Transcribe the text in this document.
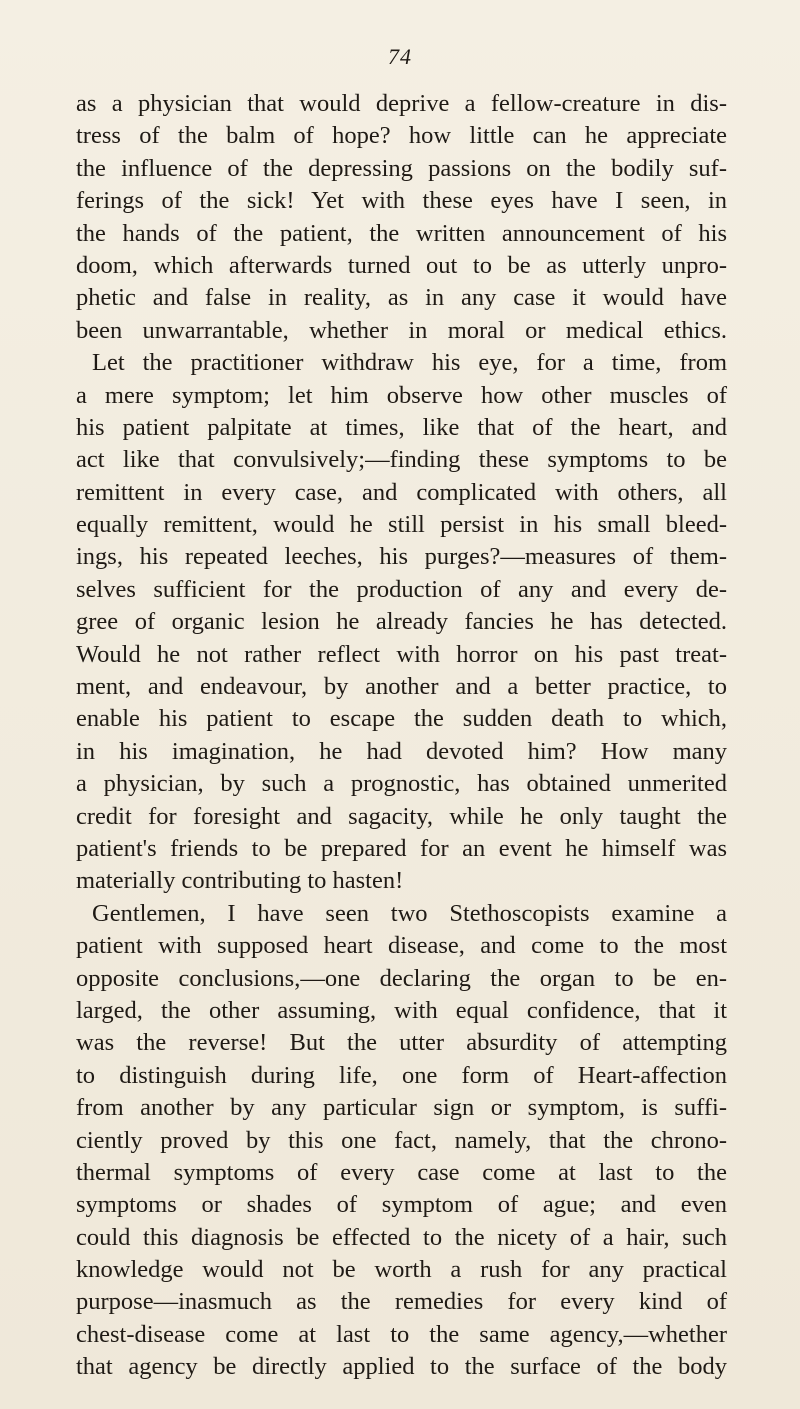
74
as a physician that would deprive a fellow-creature in dis-
tress of the balm of hope? how little can he appreciate
the influence of the depressing passions on the bodily suf-
ferings of the sick! Yet with these eyes have I seen, in
the hands of the patient, the written announcement of his
doom, which afterwards turned out to be as utterly unpro-
phetic and false in reality, as in any case it would have
been unwarrantable, whether in moral or medical ethics.
Let the practitioner withdraw his eye, for a time, from
a mere symptom; let him observe how other muscles of
his patient palpitate at times, like that of the heart, and
act like that convulsively;—finding these symptoms to be
remittent in every case, and complicated with others, all
equally remittent, would he still persist in his small bleed-
ings, his repeated leeches, his purges?—measures of them-
selves sufficient for the production of any and every de-
gree of organic lesion he already fancies he has detected.
Would he not rather reflect with horror on his past treat-
ment, and endeavour, by another and a better practice, to
enable his patient to escape the sudden death to which,
in his imagination, he had devoted him? How many
a physician, by such a prognostic, has obtained unmerited
credit for foresight and sagacity, while he only taught the
patient's friends to be prepared for an event he himself was
materially contributing to hasten!
Gentlemen, I have seen two Stethoscopists examine a
patient with supposed heart disease, and come to the most
opposite conclusions,—one declaring the organ to be en-
larged, the other assuming, with equal confidence, that it
was the reverse! But the utter absurdity of attempting
to distinguish during life, one form of Heart-affection
from another by any particular sign or symptom, is suffi-
ciently proved by this one fact, namely, that the chrono-
thermal symptoms of every case come at last to the
symptoms or shades of symptom of ague; and even
could this diagnosis be effected to the nicety of a hair, such
knowledge would not be worth a rush for any practical
purpose—inasmuch as the remedies for every kind of
chest-disease come at last to the same agency,—whether
that agency be directly applied to the surface of the body
